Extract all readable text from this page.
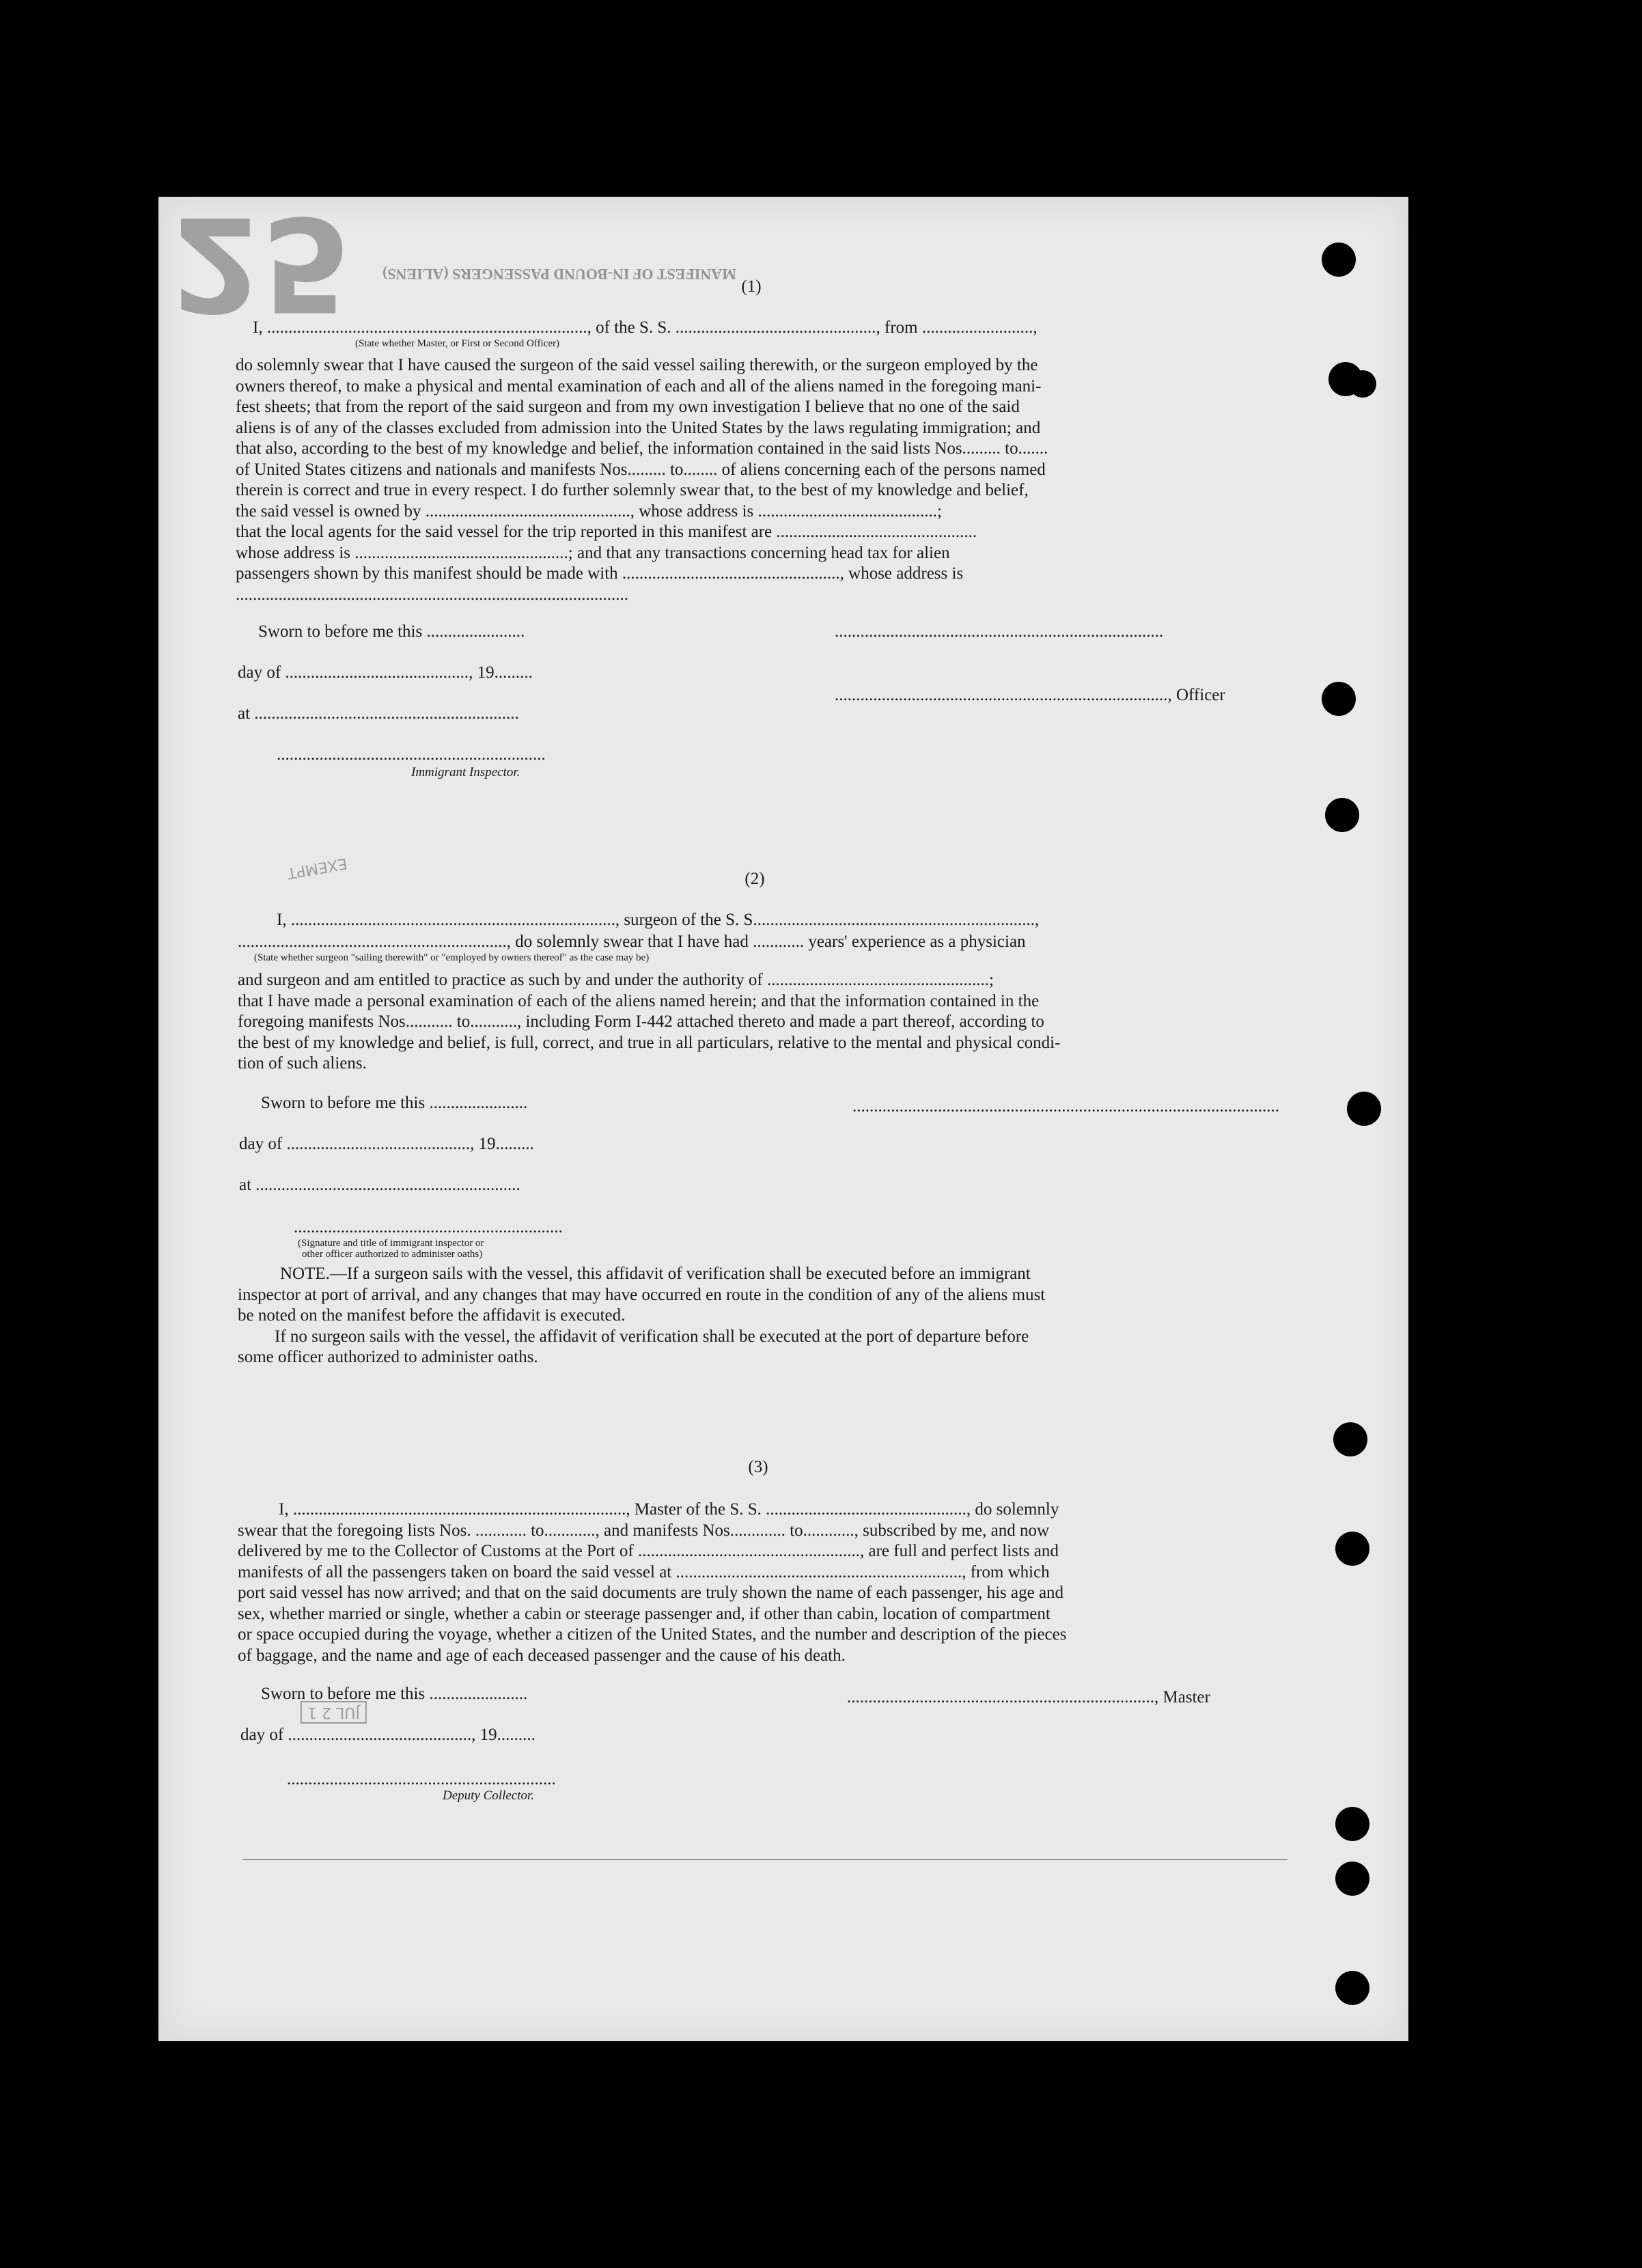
25 MANIFEST OF IN-BOUND PASSENGERS (ALIENS)
EXEMPT
JUL 2 1
(1)
I, ..........................................................................., of the S. S. ..............................................., from ..........................,
(State whether Master, or First or Second Officer)
do solemnly swear that I have caused the surgeon of the said vessel sailing therewith, or the surgeon employed by the
owners thereof, to make a physical and mental examination of each and all of the aliens named in the foregoing mani-
fest sheets; that from the report of the said surgeon and from my own investigation I believe that no one of the said
aliens is of any of the classes excluded from admission into the United States by the laws regulating immigration; and
that also, according to the best of my knowledge and belief, the information contained in the said lists Nos......... to.......
of United States citizens and nationals and manifests Nos......... to........ of aliens concerning each of the persons named
therein is correct and true in every respect. I do further solemnly swear that, to the best of my knowledge and belief,
the said vessel is owned by ................................................, whose address is ..........................................;
that the local agents for the said vessel for the trip reported in this manifest are ...............................................
whose address is ..................................................; and that any transactions concerning head tax for alien
passengers shown by this manifest should be made with ..................................................., whose address is
............................................................................................
Sworn to before me this .......................
day of ..........................................., 19.........
at ..............................................................
...............................................................
Immigrant Inspector.
.............................................................................
.............................................................................., Officer
(2)
I, ............................................................................, surgeon of the S. S..................................................................,
..............................................................., do solemnly swear that I have had ............ years' experience as a physician
(State whether surgeon "sailing therewith" or "employed by owners thereof" as the case may be)
and surgeon and am entitled to practice as such by and under the authority of ....................................................;
that I have made a personal examination of each of the aliens named herein; and that the information contained in the
foregoing manifests Nos........... to..........., including Form I-442 attached thereto and made a part thereof, according to
the best of my knowledge and belief, is full, correct, and true in all particulars, relative to the mental and physical condi-
tion of such aliens.
Sworn to before me this .......................
day of ..........................................., 19.........
at ..............................................................
...............................................................
(Signature and title of immigrant inspector or
other officer authorized to administer oaths)
....................................................................................................
NOTE.—If a surgeon sails with the vessel, this affidavit of verification shall be executed before an immigrant
inspector at port of arrival, and any changes that may have occurred en route in the condition of any of the aliens must
be noted on the manifest before the affidavit is executed.
If no surgeon sails with the vessel, the affidavit of verification shall be executed at the port of departure before
some officer authorized to administer oaths.
(3)
I, .............................................................................., Master of the S. S. ..............................................., do solemnly
swear that the foregoing lists Nos. ............ to............, and manifests Nos............. to............, subscribed by me, and now
delivered by me to the Collector of Customs at the Port of ...................................................., are full and perfect lists and
manifests of all the passengers taken on board the said vessel at ..................................................................., from which
port said vessel has now arrived; and that on the said documents are truly shown the name of each passenger, his age and
sex, whether married or single, whether a cabin or steerage passenger and, if other than cabin, location of compartment
or space occupied during the voyage, whether a citizen of the United States, and the number and description of the pieces
of baggage, and the name and age of each deceased passenger and the cause of his death.
Sworn to before me this .......................
day of ..........................................., 19.........
........................................................................, Master
...............................................................
Deputy Collector.
